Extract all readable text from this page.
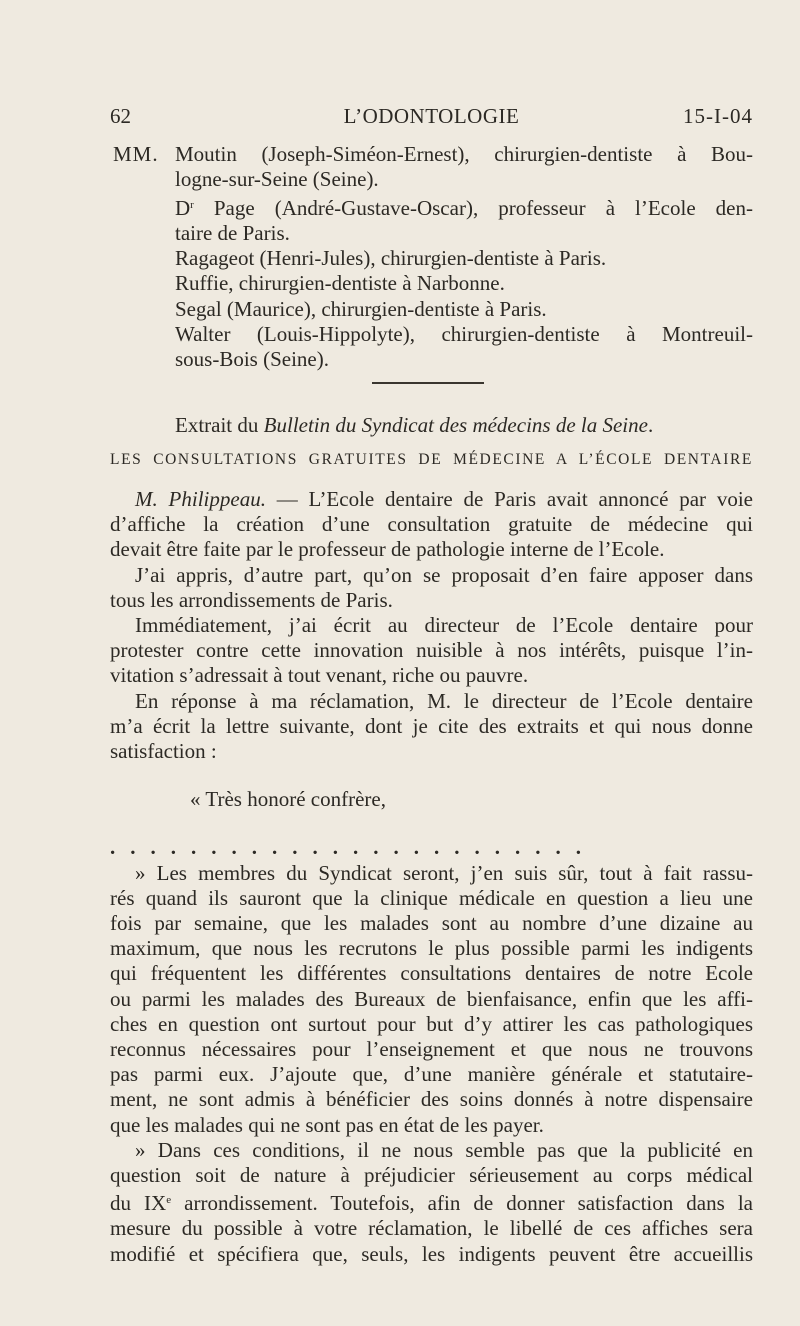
62	L’ODONTOLOGIE	15-I-04
MM. Moutin (Joseph-Siméon-Ernest), chirurgien-dentiste à Bou-

logne-sur-Seine (Seine).

$D^r$ Page (André-Gustave-Oscar), professeur à l’Ecole den-

taire de Paris.

Ragageot (Henri-Jules), chirurgien-dentiste à Paris.

Ruffie, chirurgien-dentiste à Narbonne.

Segal (Maurice), chirurgien-dentiste à Paris.

Walter (Louis-Hippolyte), chirurgien-dentiste à Montreuil-

sous-Bois (Seine).

Extrait du Bulletin du Syndicat des médecins de la Seine.
LES CONSULTATIONS GRATUITES DE MÉDECINE A L’ÉCOLE DENTAIRE
M. Philippeau. — L’Ecole dentaire de Paris avait annoncé par voie
d’affiche la création d’une consultation gratuite de médecine qui
devait être faite par le professeur de pathologie interne de l’Ecole.
J’ai appris, d’autre part, qu’on se proposait d’en faire apposer dans
tous les arrondissements de Paris.
Immédiatement, j’ai écrit au directeur de l’Ecole dentaire pour
protester contre cette innovation nuisible à nos intérêts, puisque l’in-
vitation s’adressait à tout venant, riche ou pauvre.
En réponse à ma réclamation, M. le directeur de l’Ecole dentaire
m’a écrit la lettre suivante, dont je cite des extraits et qui nous donne
satisfaction :
« Très honoré confrère,
........................
» Les membres du Syndicat seront, j’en suis sûr, tout à fait rassu-
rés quand ils sauront que la clinique médicale en question a lieu une
fois par semaine, que les malades sont au nombre d’une dizaine au
maximum, que nous les recrutons le plus possible parmi les indigents
qui fréquentent les différentes consultations dentaires de notre Ecole
ou parmi les malades des Bureaux de bienfaisance, enfin que les affi-
ches en question ont surtout pour but d’y attirer les cas pathologiques
reconnus nécessaires pour l’enseignement et que nous ne trouvons
pas parmi eux. J’ajoute que, d’une manière générale et statutaire-
ment, ne sont admis à bénéficier des soins donnés à notre dispensaire
que les malades qui ne sont pas en état de les payer.
» Dans ces conditions, il ne nous semble pas que la publicité en
question soit de nature à préjudicier sérieusement au corps médical
du IXe arrondissement. Toutefois, afin de donner satisfaction dans la
mesure du possible à votre réclamation, le libellé de ces affiches sera
modifié et spécifiera que, seuls, les indigents peuvent être accueillis
